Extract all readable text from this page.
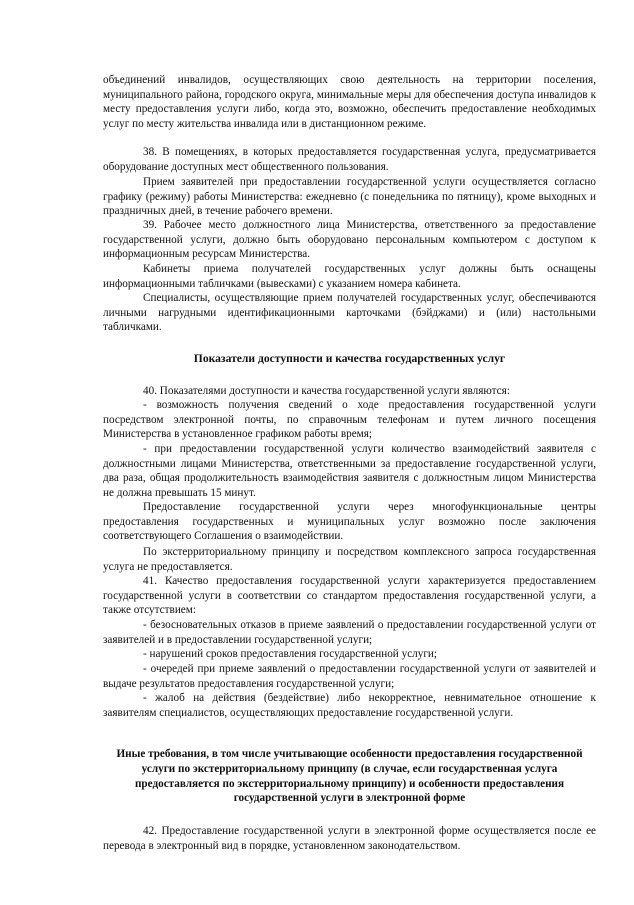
объединений инвалидов, осуществляющих свою деятельность на территории поселения, муниципального района, городского округа, минимальные меры для обеспечения доступа инвалидов к месту предоставления услуги либо, когда это, возможно, обеспечить предоставление необходимых услуг по месту жительства инвалида или в дистанционном режиме.

38. В помещениях, в которых предоставляется государственная услуга, предусматривается оборудование доступных мест общественного пользования.

Прием заявителей при предоставлении государственной услуги осуществляется согласно графику (режиму) работы Министерства: ежедневно (с понедельника по пятницу), кроме выходных и праздничных дней, в течение рабочего времени.

39. Рабочее место должностного лица Министерства, ответственного за предоставление государственной услуги, должно быть оборудовано персональным компьютером с доступом к информационным ресурсам Министерства.

Кабинеты приема получателей государственных услуг должны быть оснащены информационными табличками (вывесками) с указанием номера кабинета.

Специалисты, осуществляющие прием получателей государственных услуг, обеспечиваются личными нагрудными идентификационными карточками (бэйджами) и (или) настольными табличками.

Показатели доступности и качества государственных услуг

40. Показателями доступности и качества государственной услуги являются:

- возможность получения сведений о ходе предоставления государственной услуги посредством электронной почты, по справочным телефонам и путем личного посещения Министерства в установленное графиком работы время;

- при предоставлении государственной услуги количество взаимодействий заявителя с должностными лицами Министерства, ответственными за предоставление государственной услуги, два раза, общая продолжительность взаимодействия заявителя с должностным лицом Министерства не должна превышать 15 минут.

Предоставление государственной услуги через многофункциональные центры предоставления государственных и муниципальных услуг возможно после заключения соответствующего Соглашения о взаимодействии.

По экстерриториальному принципу и посредством комплексного запроса государственная услуга не предоставляется.

41. Качество предоставления государственной услуги характеризуется предоставлением государственной услуги в соответствии со стандартом предоставления государственной услуги, а также отсутствием:

- безосновательных отказов в приеме заявлений о предоставлении государственной услуги от заявителей и в предоставлении государственной услуги;

- нарушений сроков предоставления государственной услуги;

- очередей при приеме заявлений о предоставлении государственной услуги от заявителей и выдаче результатов предоставления государственной услуги;

- жалоб на действия (бездействие) либо некорректное, невнимательное отношение к заявителям специалистов, осуществляющих предоставление государственной услуги.

Иные требования, в том числе учитывающие особенности предоставления государственной услуги по экстерриториальному принципу (в случае, если государственная услуга предоставляется по экстерриториальному принципу) и особенности предоставления государственной услуги в электронной форме

42. Предоставление государственной услуги в электронной форме осуществляется после ее перевода в электронный вид в порядке, установленном законодательством.
